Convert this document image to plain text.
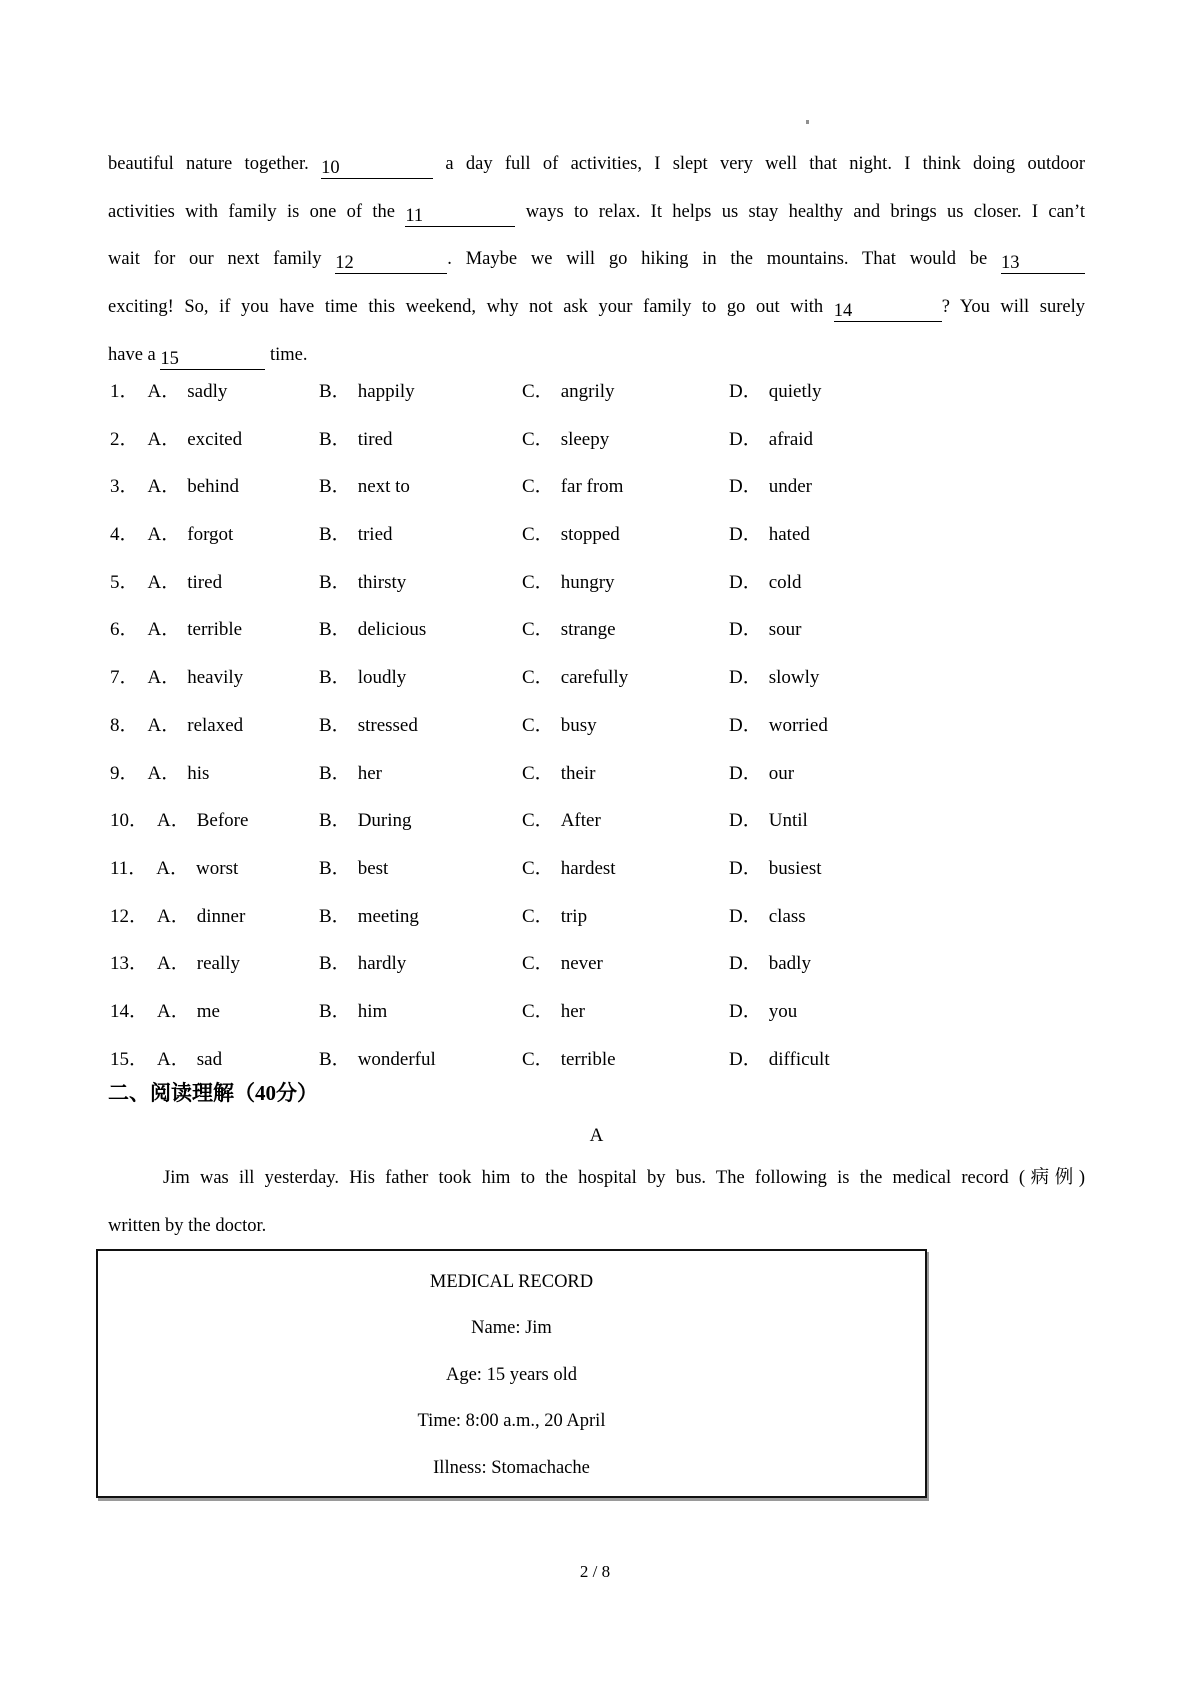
beautiful nature together. 10	a day full of activities, I slept very well that night. I think doing outdoor
activities with family is one of the 11	ways to relax. It helps us stay healthy and brings us closer. I can’t
wait for our next family 12	. Maybe we will go hiking in the mountains. That would be 13
exciting! So, if you have time this weekend, why not ask your family to go out with 14	? You will surely
have a 15	time.
1． A． sadly	B． happily	C． angrily	D． quietly
2． A． excited	B． tired	C． sleepy	D． afraid
3． A． behind	B． next to	C． far from	D． under
4． A． forgot	B． tried	C． stopped	D． hated
5． A． tired	B． thirsty	C． hungry	D． cold
6． A． terrible	B． delicious	C． strange	D． sour
7． A． heavily	B． loudly	C． carefully	D． slowly
8． A． relaxed	B． stressed	C． busy	D． worried
9． A． his	B． her	C． their	D． our
10． A． Before	B． During	C． After	D． Until
11． A． worst	B． best	C． hardest	D． busiest
12． A． dinner	B． meeting	C． trip	D． class
13． A． really	B． hardly	C． never	D． badly
14． A． me	B． him	C． her	D． you
15． A． sad	B． wonderful	C． terrible	D． difficult
二、阅读理解（40分）
A
Jim was ill yesterday. His father took him to the hospital by bus. The following is the medical record (病例)
written by the doctor.
MEDICAL RECORD
Name: Jim
Age: 15 years old
Time: 8:00 a.m., 20 April
Illness: Stomachache
2 / 8
